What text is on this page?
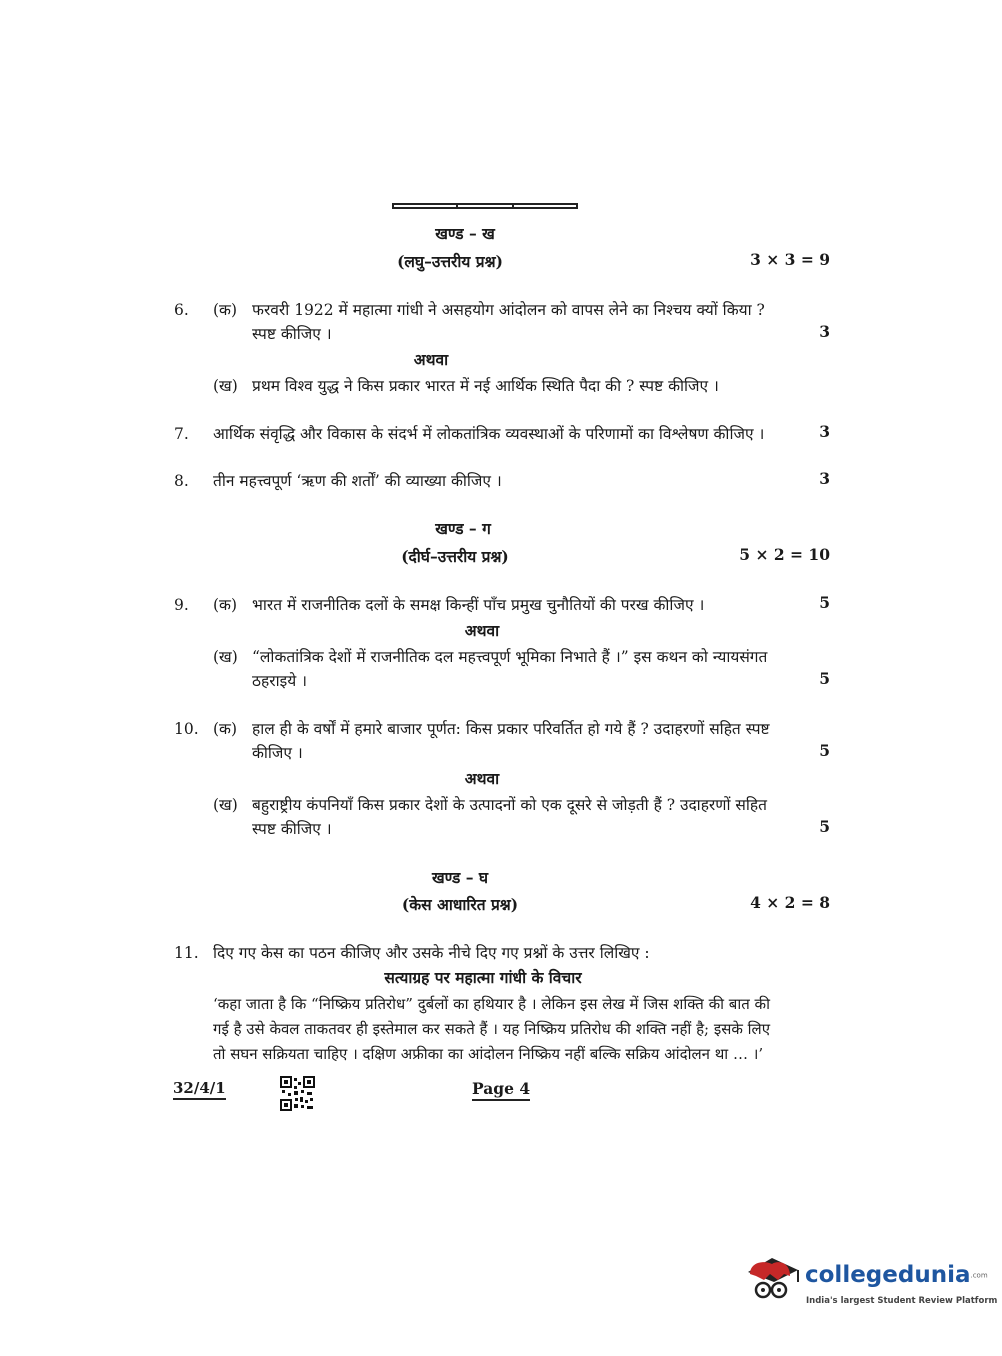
खण्ड – ख
(लघु–उत्तरीय प्रश्न)	3 × 3 = 9
6. (क) फरवरी 1922 में महात्मा गांधी ने असहयोग आंदोलन को वापस लेने का निश्चय क्यों किया ?
स्पष्ट कीजिए ।	3
अथवा
(ख) प्रथम विश्व युद्ध ने किस प्रकार भारत में नई आर्थिक स्थिति पैदा की ? स्पष्ट कीजिए ।
7. आर्थिक संवृद्धि और विकास के संदर्भ में लोकतांत्रिक व्यवस्थाओं के परिणामों का विश्लेषण कीजिए ।	3
8. तीन महत्त्वपूर्ण ‘ऋण की शर्तों’ की व्याख्या कीजिए ।	3
खण्ड – ग
(दीर्घ–उत्तरीय प्रश्न)	5 × 2 = 10
9. (क) भारत में राजनीतिक दलों के समक्ष किन्हीं पाँच प्रमुख चुनौतियों की परख कीजिए ।	5
अथवा
(ख) “लोकतांत्रिक देशों में राजनीतिक दल महत्त्वपूर्ण भूमिका निभाते हैं ।” इस कथन को न्यायसंगत
ठहराइये ।	5
10. (क) हाल ही के वर्षों में हमारे बाजार पूर्णत: किस प्रकार परिवर्तित हो गये हैं ? उदाहरणों सहित स्पष्ट
कीजिए ।	5
अथवा
(ख) बहुराष्ट्रीय कंपनियाँ किस प्रकार देशों के उत्पादनों को एक दूसरे से जोड़ती हैं ? उदाहरणों सहित
स्पष्ट कीजिए ।	5
खण्ड – घ
(केस आधारित प्रश्न)	4 × 2 = 8
11. दिए गए केस का पठन कीजिए और उसके नीचे दिए गए प्रश्नों के उत्तर लिखिए :
सत्याग्रह पर महात्मा गांधी के विचार
‘कहा जाता है कि “निष्क्रिय प्रतिरोध” दुर्बलों का हथियार है । लेकिन इस लेख में जिस शक्ति की बात की
गई है उसे केवल ताकतवर ही इस्तेमाल कर सकते हैं । यह निष्क्रिय प्रतिरोध की शक्ति नहीं है; इसके लिए
तो सघन सक्रियता चाहिए । दक्षिण अफ्रीका का आंदोलन निष्क्रिय नहीं बल्कि सक्रिय आंदोलन था … ।’
32/4/1	Page 4
collegedunia.com
India's largest Student Review Platform
